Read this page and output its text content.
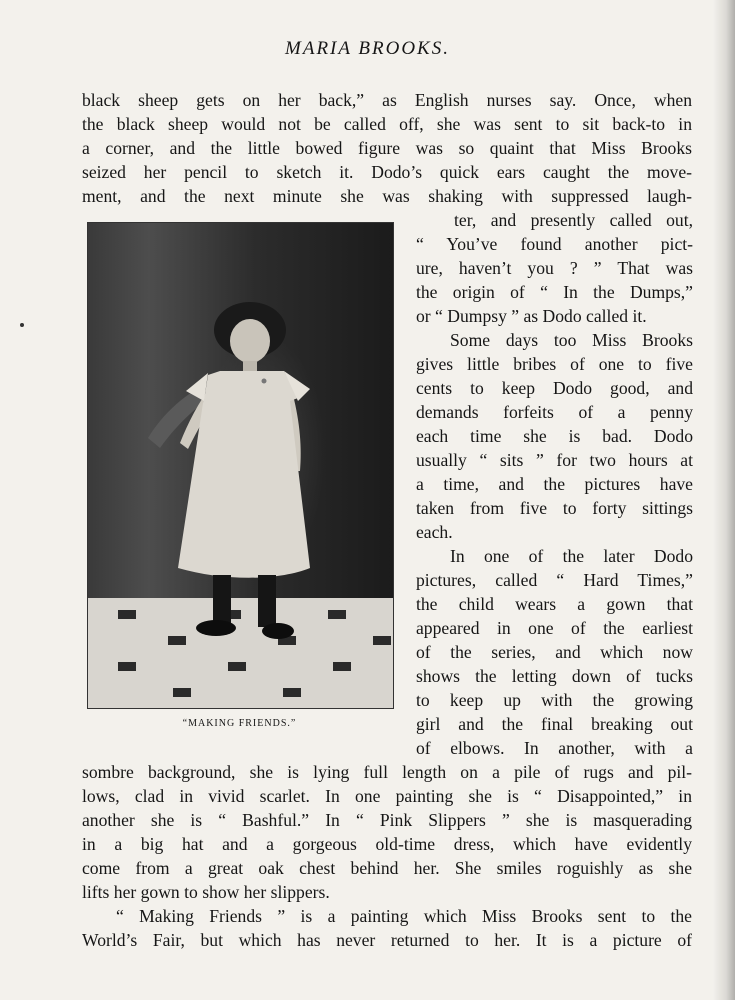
MARIA BROOKS.
black sheep gets on her back,” as English nurses say. Once, when
the black sheep would not be called off, she was sent to sit back-to in
a corner, and the little bowed figure was so quaint that Miss Brooks
seized her pencil to sketch it. Dodo’s quick ears caught the move-
ment, and the next minute she was shaking with suppressed laugh-
ter, and presently called out,
“ You’ve found another pict-
ure, haven’t you ? ” That was
the origin of “ In the Dumps,”
or “ Dumpsy ” as Dodo called it.
Some days too Miss Brooks
gives little bribes of one to five
cents to keep Dodo good, and
demands forfeits of a penny
each time she is bad. Dodo
usually “ sits ” for two hours at
a time, and the pictures have
taken from five to forty sittings
each.
In one of the later Dodo
pictures, called “ Hard Times,”
the child wears a gown that
appeared in one of the earliest
of the series, and which now
shows the letting down of tucks
to keep up with the growing
girl and the final breaking out
of elbows. In another, with a
“MAKING FRIENDS.”
sombre background, she is lying full length on a pile of rugs and pil-
lows, clad in vivid scarlet. In one painting she is “ Disappointed,” in
another she is “ Bashful.” In “ Pink Slippers ” she is masquerading
in a big hat and a gorgeous old-time dress, which have evidently
come from a great oak chest behind her. She smiles roguishly as she
lifts her gown to show her slippers.
“ Making Friends ” is a painting which Miss Brooks sent to the
World’s Fair, but which has never returned to her. It is a picture of
